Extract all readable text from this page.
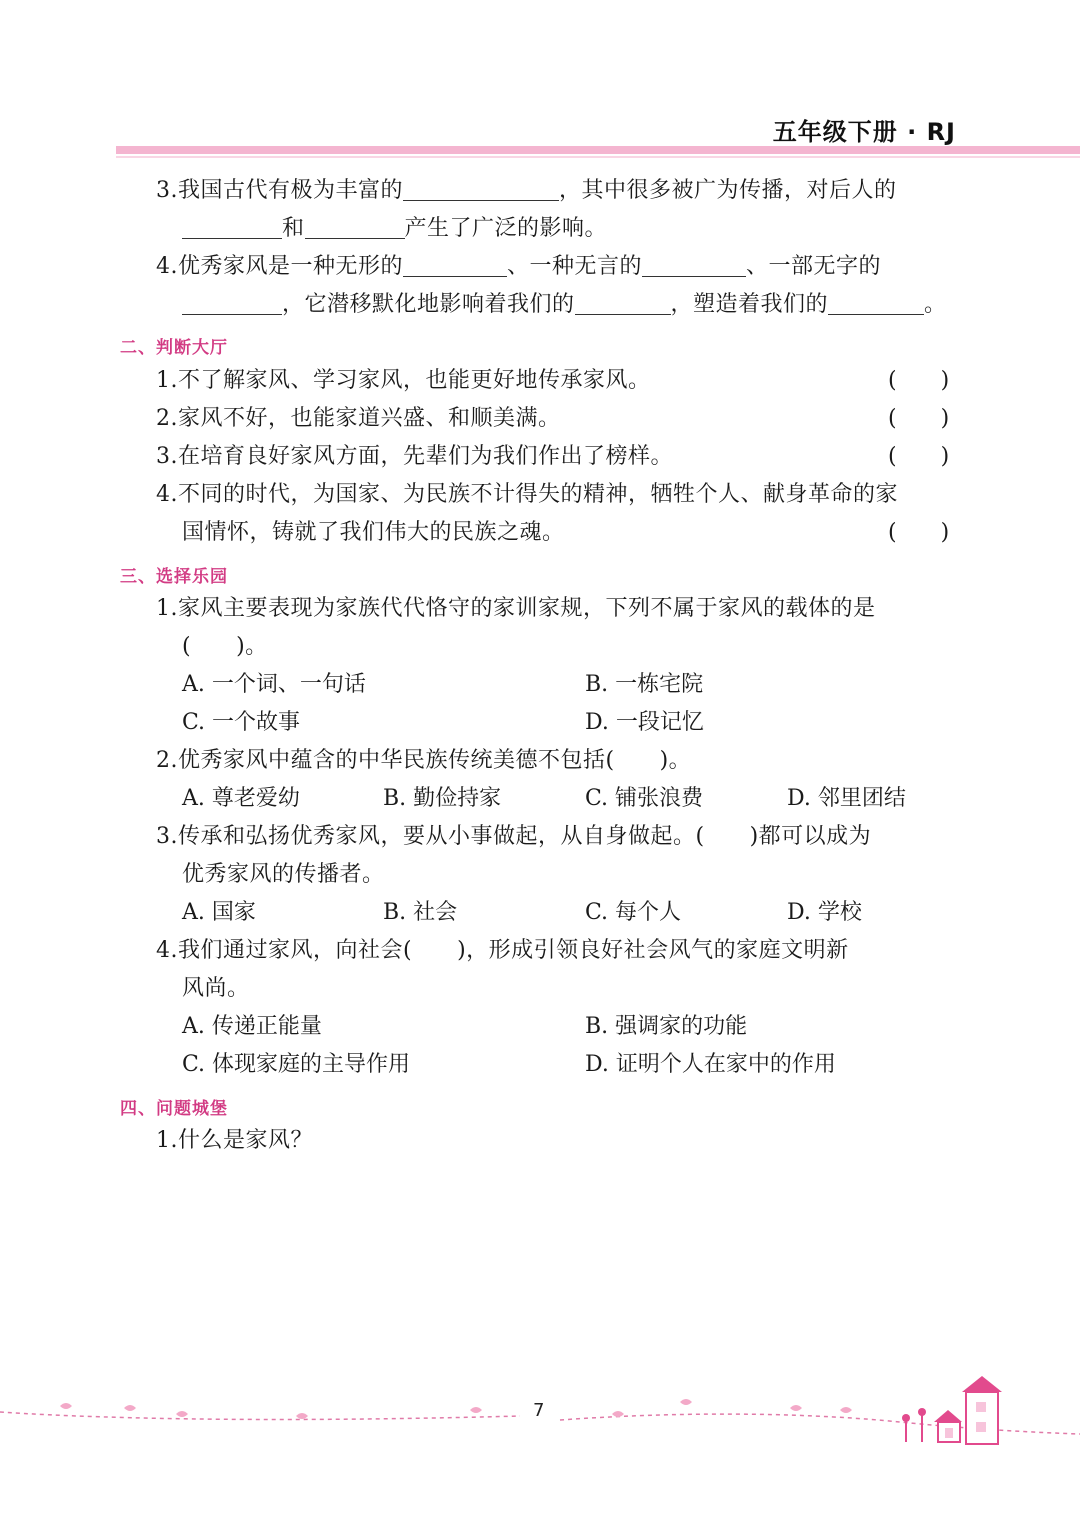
五年级下册 · RJ
3.我国古代有极为丰富的	，其中很多被广为传播，对后人的
和	产生了广泛的影响。
4.优秀家风是一种无形的	、一种无言的	、一部无字的
，它潜移默化地影响着我们的	，塑造着我们的	。
二、判断大厅
1.不了解家风、学习家风，也能更好地传承家风。	(　　)
2.家风不好，也能家道兴盛、和顺美满。	(　　)
3.在培育良好家风方面，先辈们为我们作出了榜样。	(　　)
4.不同的时代，为国家、为民族不计得失的精神，牺牲个人、献身革命的家
国情怀，铸就了我们伟大的民族之魂。	(　　)
三、选择乐园
1.家风主要表现为家族代代恪守的家训家规，下列不属于家风的载体的是
(　　)。
A. 一个词、一句话	B. 一栋宅院
C. 一个故事	D. 一段记忆
2.优秀家风中蕴含的中华民族传统美德不包括(　　)。
A. 尊老爱幼	B. 勤俭持家	C. 铺张浪费	D. 邻里团结
3.传承和弘扬优秀家风，要从小事做起，从自身做起。(　　)都可以成为
优秀家风的传播者。
A. 国家	B. 社会	C. 每个人	D. 学校
4.我们通过家风，向社会(　　)，形成引领良好社会风气的家庭文明新
风尚。
A. 传递正能量	B. 强调家的功能
C. 体现家庭的主导作用	D. 证明个人在家中的作用
四、问题城堡
1.什么是家风？
7
